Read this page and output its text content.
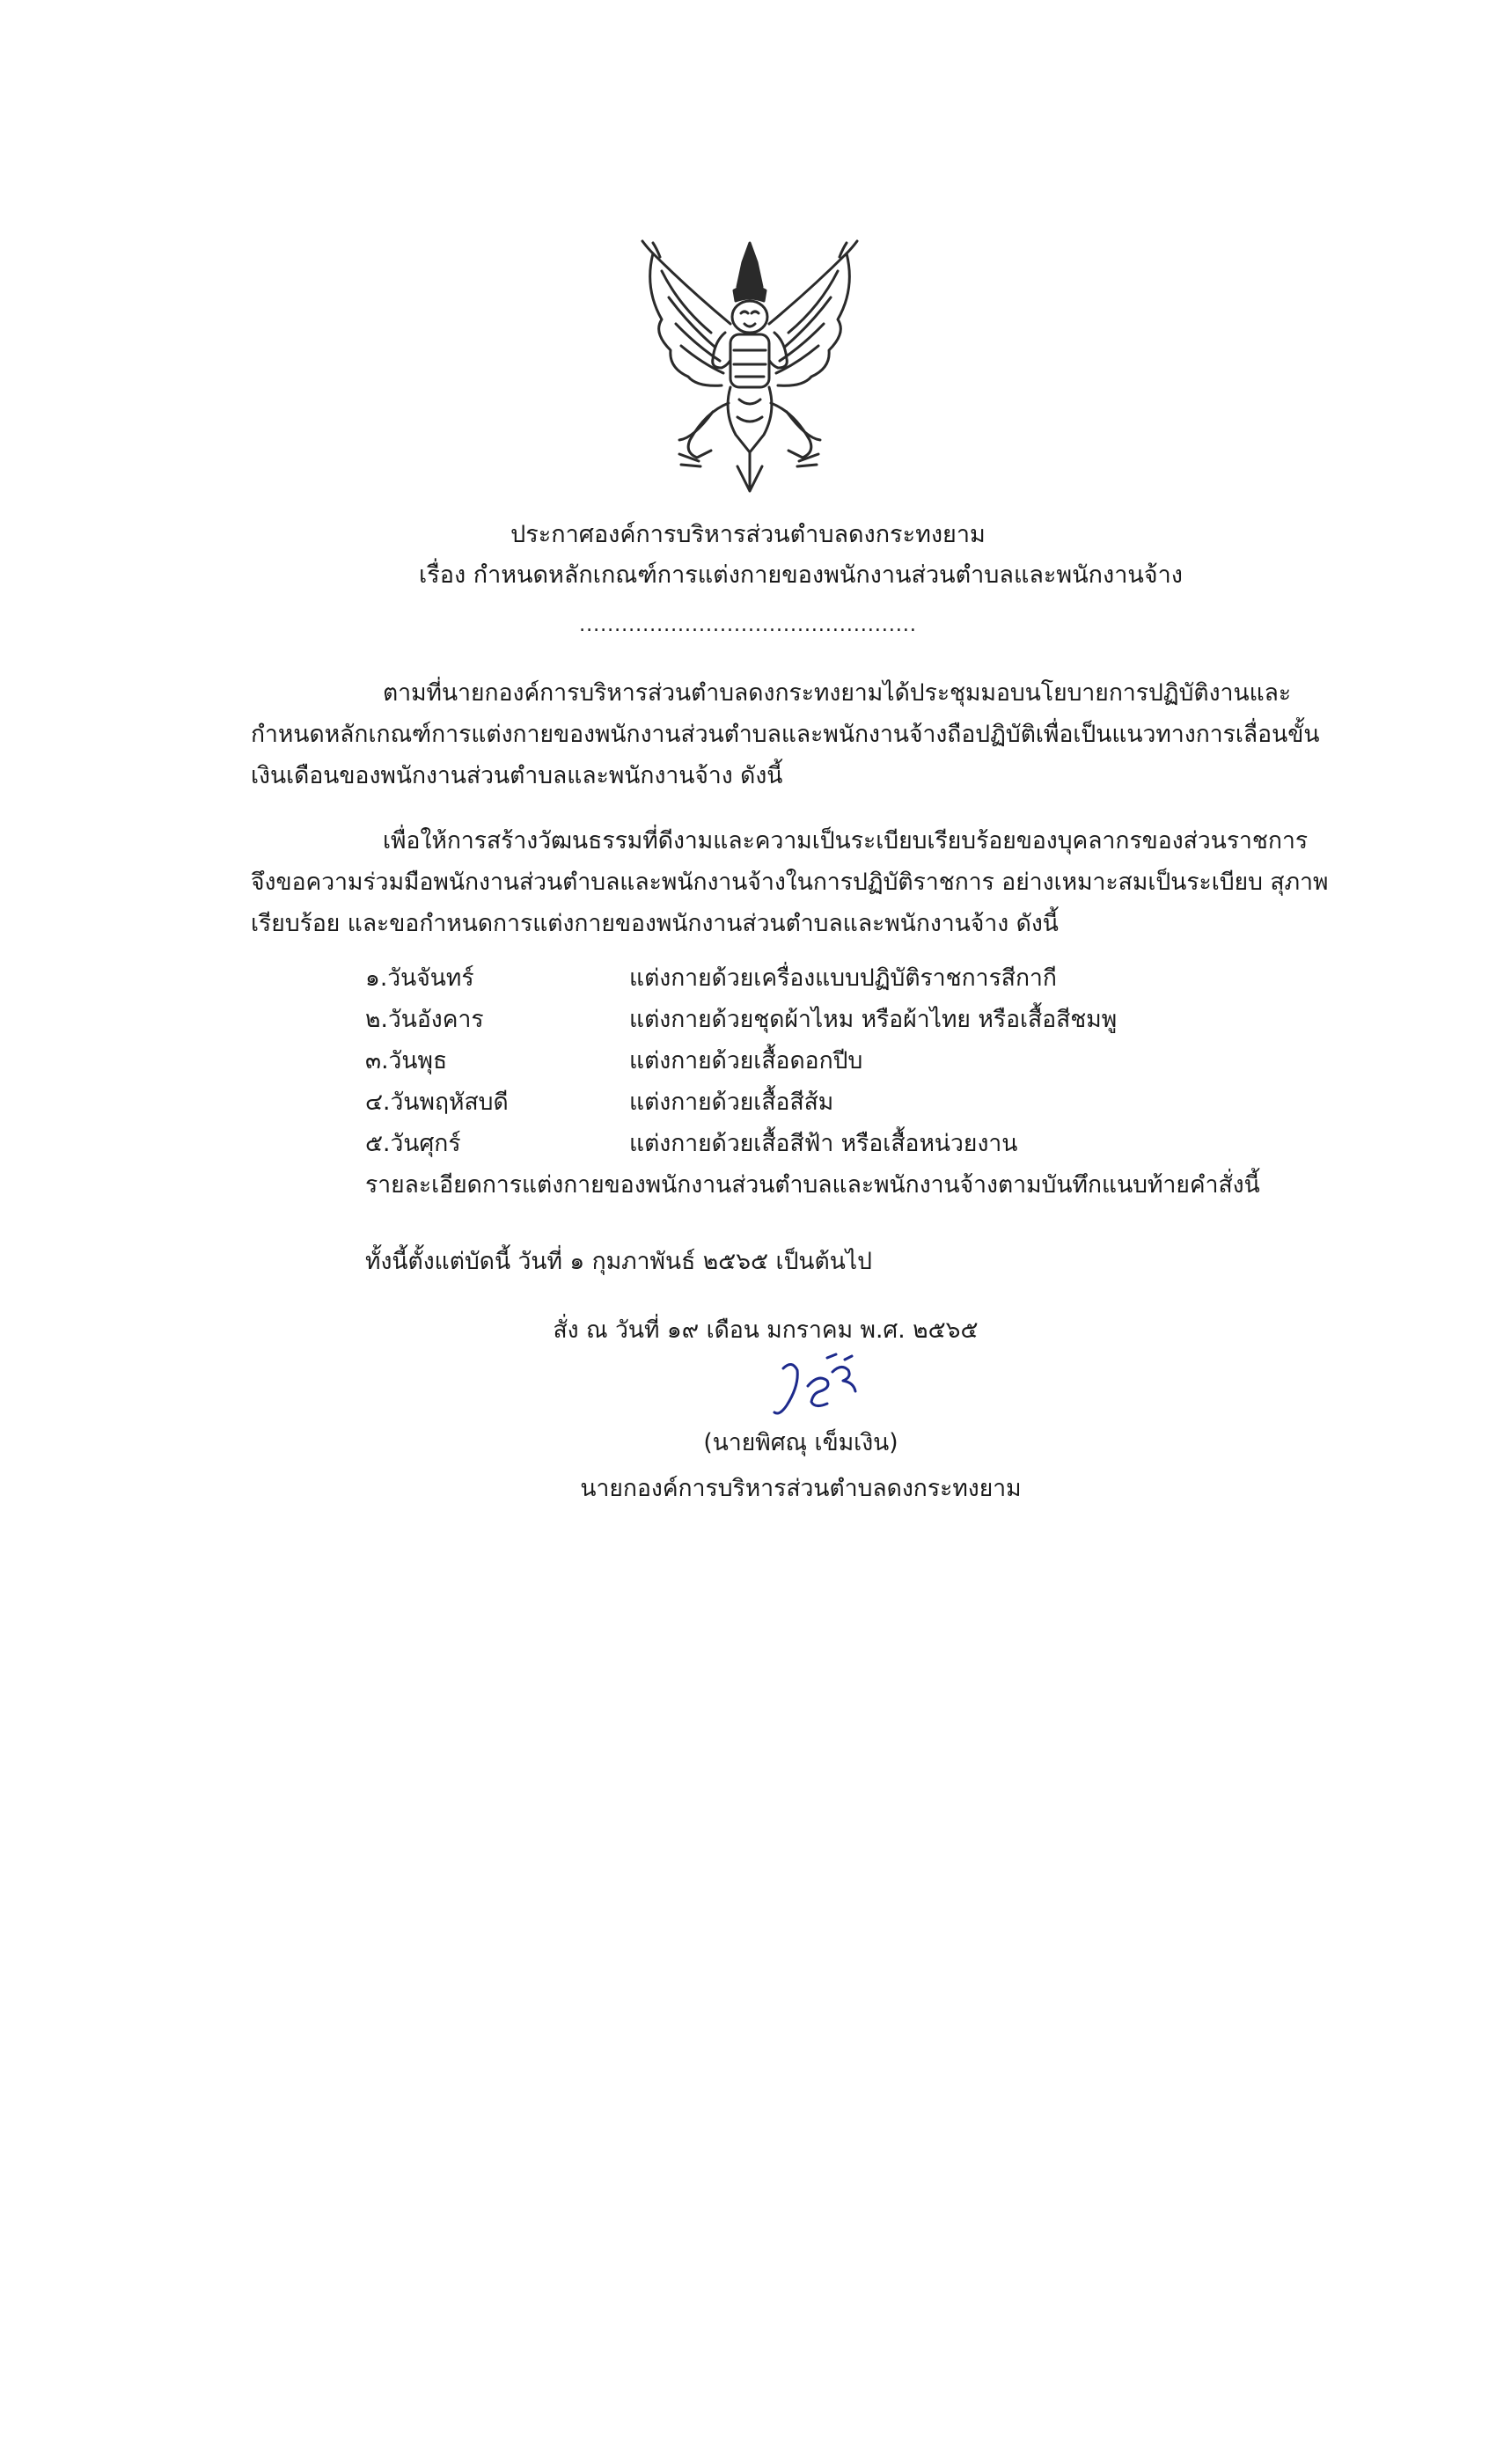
ประกาศองค์การบริหารส่วนตำบลดงกระทงยาม
เรื่อง กำหนดหลักเกณฑ์การแต่งกายของพนักงานส่วนตำบลและพนักงานจ้าง
................................................
ตามที่นายกองค์การบริหารส่วนตำบลดงกระทงยามได้ประชุมมอบนโยบายการปฏิบัติงานและกำหนดหลักเกณฑ์การแต่งกายของพนักงานส่วนตำบลและพนักงานจ้างถือปฏิบัติเพื่อเป็นแนวทางการเลื่อนขั้นเงินเดือนของพนักงานส่วนตำบลและพนักงานจ้าง ดังนี้
เพื่อให้การสร้างวัฒนธรรมที่ดีงามและความเป็นระเบียบเรียบร้อยของบุคลากรของส่วนราชการจึงขอความร่วมมือพนักงานส่วนตำบลและพนักงานจ้างในการปฏิบัติราชการ อย่างเหมาะสมเป็นระเบียบ สุภาพเรียบร้อย และขอกำหนดการแต่งกายของพนักงานส่วนตำบลและพนักงานจ้าง ดังนี้
๑.วันจันทร์	แต่งกายด้วยเครื่องแบบปฏิบัติราชการสีกากี
๒.วันอังคาร	แต่งกายด้วยชุดผ้าไหม หรือผ้าไทย หรือเสื้อสีชมพู
๓.วันพุธ	แต่งกายด้วยเสื้อดอกปีบ
๔.วันพฤหัสบดี	แต่งกายด้วยเสื้อสีส้ม
๕.วันศุกร์	แต่งกายด้วยเสื้อสีฟ้า หรือเสื้อหน่วยงาน
รายละเอียดการแต่งกายของพนักงานส่วนตำบลและพนักงานจ้างตามบันทึกแนบท้ายคำสั่งนี้
ทั้งนี้ตั้งแต่บัดนี้ วันที่ ๑ กุมภาพันธ์ ๒๕๖๕ เป็นต้นไป
สั่ง ณ วันที่ ๑๙ เดือน มกราคม พ.ศ. ๒๕๖๕
(นายพิศณุ เข็มเงิน)
นายกองค์การบริหารส่วนตำบลดงกระทงยาม
